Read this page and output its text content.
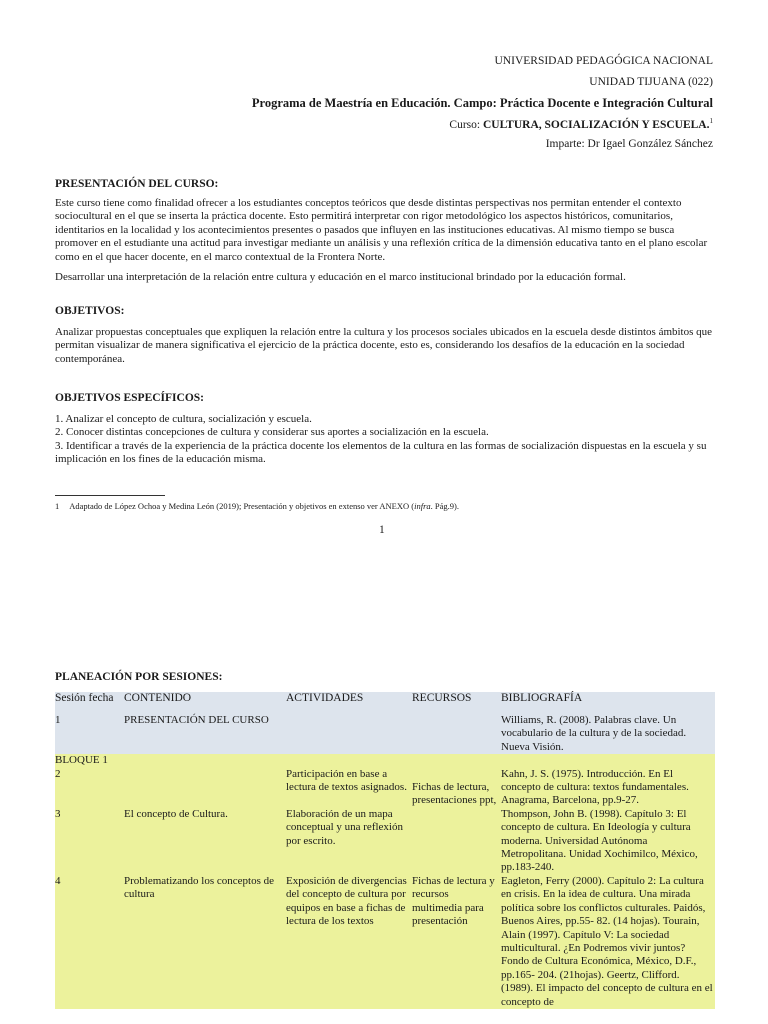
UNIVERSIDAD PEDAGÓGICA NACIONAL
UNIDAD TIJUANA (022)
Programa de Maestría en Educación. Campo: Práctica Docente e Integración Cultural
Curso: CULTURA, SOCIALIZACIÓN Y ESCUELA.$^1$
Imparte: Dr Igael González Sánchez
PRESENTACIÓN DEL CURSO:

Este curso tiene como finalidad ofrecer a los estudiantes conceptos teóricos que desde distintas perspectivas nos permitan entender el contexto sociocultural en el que se inserta la práctica docente. Esto permitirá interpretar con rigor metodológico los aspectos históricos, comunitarios, identitarios en la localidad y los acontecimientos presentes o pasados que influyen en las instituciones educativas. Al mismo tiempo se busca promover en el estudiante una actitud para investigar mediante un análisis y una reflexión crítica de la dimensión educativa tanto en el plano escolar como en el que hacer docente, en el marco contextual de la Frontera Norte.

Desarrollar una interpretación de la relación entre cultura y educación en el marco institucional brindado por la educación formal.

OBJETIVOS:

Analizar propuestas conceptuales que expliquen la relación entre la cultura y los procesos sociales ubicados en la escuela desde distintos ámbitos que permitan visualizar de manera significativa el ejercicio de la práctica docente, esto es, considerando los desafíos de la educación en la sociedad contemporánea.

OBJETIVOS ESPECÍFICOS:
1. Analizar el concepto de cultura, socialización y escuela.
2. Conocer distintas concepciones de cultura y considerar sus aportes a socialización en la escuela.
3. Identificar a través de la experiencia de la práctica docente los elementos de la cultura en las formas de socialización dispuestas en la escuela y su implicación en los fines de la educación misma.
1 Adaptado de López Ochoa y Medina León (2019); Presentación y objetivos en extenso ver ANEXO (infra. Pág.9).
1
PLANEACIÓN POR SESIONES:
Sesión fecha	CONTENIDO	ACTIVIDADES	RECURSOS	BIBLIOGRAFÍA
1	PRESENTACIÓN DEL CURSO			Williams, R. (2008). Palabras clave. Un vocabulario de la cultura y de la sociedad. Nueva Visión.
BLOQUE 1				
2		Participación en base a lectura de textos asignados.	Fichas de lectura, presentaciones ppt,	Kahn, J. S. (1975). Introducción. En El concepto de cultura: textos fundamentales. Anagrama, Barcelona, pp.9-27.
3	El concepto de Cultura.	Elaboración de un mapa conceptual y una reflexión por escrito.		Thompson, John B. (1998). Capítulo 3: El concepto de cultura. En Ideología y cultura moderna. Universidad Autónoma Metropolitana. Unidad Xochimilco, México, pp.183-240.
4	Problematizando los conceptos de cultura	Exposición de divergencias del concepto de cultura por equipos en base a fichas de lectura de los textos	Fichas de lectura y recursos multimedia para presentación	Eagleton, Ferry (2000). Capítulo 2: La cultura en crisis. En la idea de cultura. Una mirada política sobre los conflictos culturales. Paidós, Buenos Aires, pp.55- 82. (14 hojas). Tourain, Alain (1997). Capítulo V: La sociedad multicultural. ¿En Podremos vivir juntos? Fondo de Cultura Económica, México, D.F., pp.165- 204. (21hojas). Geertz, Clifford. (1989). El impacto del concepto de cultura en el concepto de
